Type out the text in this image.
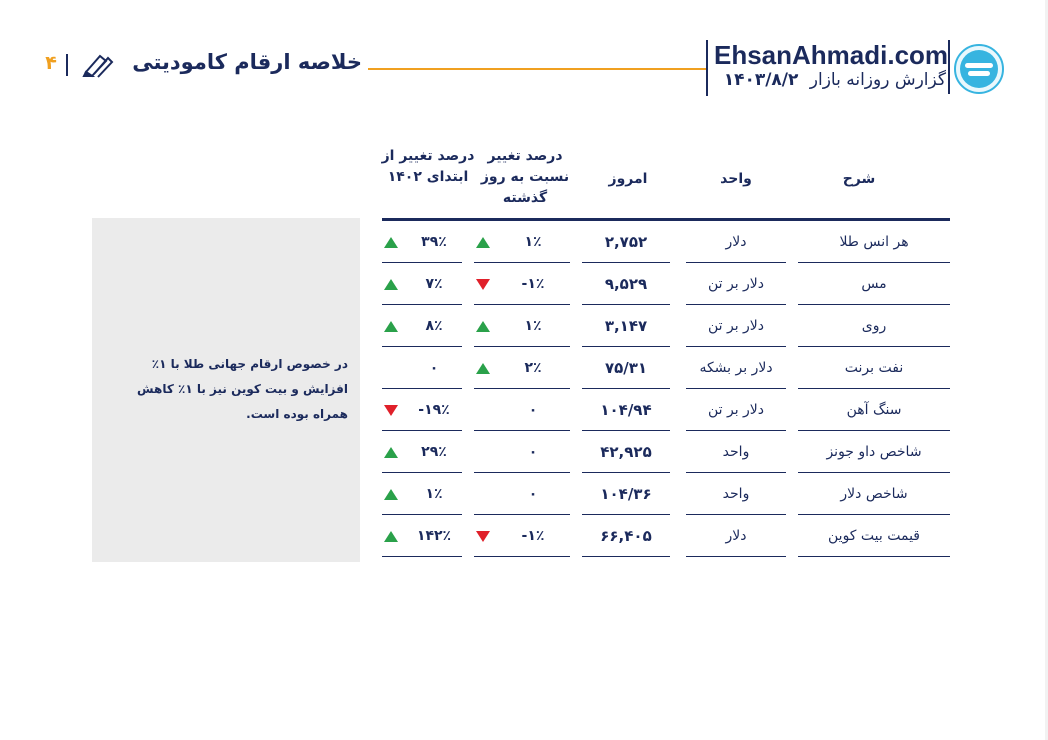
EhsanAhmadi.com
گزارش روزانه بازار ۱۴۰۳/۸/۲
خلاصه ارقام کامودیتی
۴
شرح
واحد
امروز
درصد تغییر نسبت به روز گذشته
درصد تغییر از ابتدای ۱۴۰۲
هر انس طلا
دلار
۲,۷۵۲
۱٪
۳۹٪
مس
دلار بر تن
۹,۵۲۹
-۱٪
۷٪
روی
دلار بر تن
۳,۱۴۷
۱٪
۸٪
نفت برنت
دلار بر بشکه
۷۵/۳۱
۲٪
۰
سنگ آهن
دلار بر تن
۱۰۴/۹۴
۰
-۱۹٪
شاخص داو جونز
واحد
۴۲,۹۲۵
۰
۲۹٪
شاخص دلار
واحد
۱۰۴/۳۶
۰
۱٪
قیمت بیت کوین
دلار
۶۶,۴۰۵
-۱٪
۱۴۲٪
در خصوص ارقام جهانی طلا با ۱٪ افزایش و بیت کوین نیز با ۱٪ کاهش همراه بوده است.
